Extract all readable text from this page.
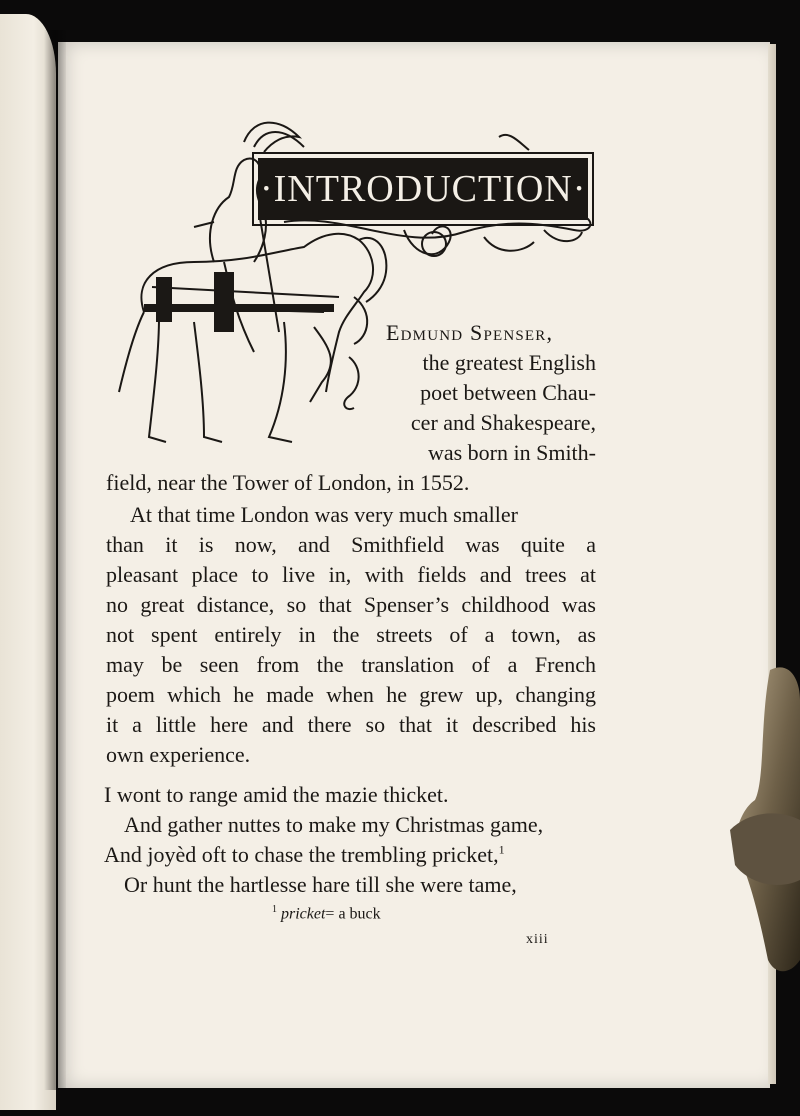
·INTRODUCTION·
Edmund Spenser,
the greatest English
poet between Chau-
cer and Shakespeare,
was born in Smith-
field, near the Tower of London, in 1552.
At that time London was very much smaller
than it is now, and Smithfield was quite a
pleasant place to live in, with fields and trees at
no great distance, so that Spenser’s childhood was
not spent entirely in the streets of a town, as
may be seen from the translation of a French
poem which he made when he grew up, changing
it a little here and there so that it described his
own experience.
I wont to range amid the mazie thicket.
And gather nuttes to make my Christmas game,
And joyèd oft to chase the trembling pricket,$^1$
Or hunt the hartlesse hare till she were tame,
$^1$ pricket= a buck
xiii
